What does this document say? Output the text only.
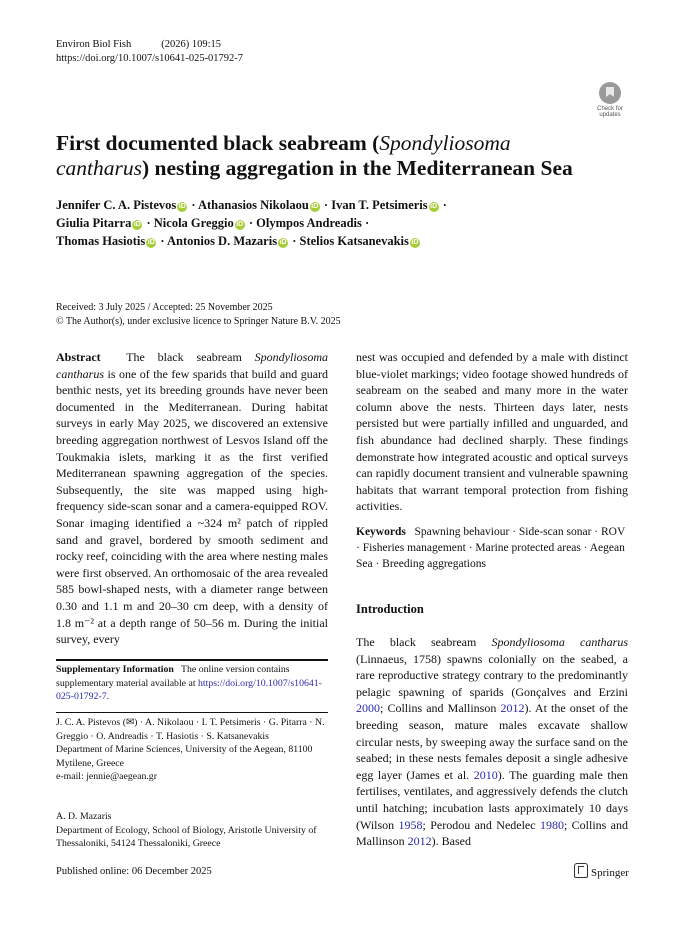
Environ Biol Fish	(2026) 109:15
https://doi.org/10.1007/s10641-025-01792-7
Check for
updates
First documented black seabream (Spondyliosoma
cantharus) nesting aggregation in the Mediterranean Sea
Jennifer C. A. Pistevos iD · Athanasios Nikolaou iD · Ivan T. Petsimeris iD ·
Giulia Pitarra iD · Nicola Greggio iD · Olympos Andreadis ·
Thomas Hasiotis iD · Antonios D. Mazaris iD · Stelios Katsanevakis iD
Received: 3 July 2025 / Accepted: 25 November 2025
© The Author(s), under exclusive licence to Springer Nature B.V. 2025
Abstract The black seabream Spondyliosoma cantharus is one of the few sparids that build and guard benthic nests, yet its breeding grounds have never been documented in the Mediterranean. During habitat surveys in early May 2025, we discovered an extensive breeding aggregation northwest of Lesvos Island off the Toukmakia islets, marking it as the first verified Mediterranean spawning aggregation of the species. Subsequently, the site was mapped using high-frequency side-scan sonar and a camera-equipped ROV. Sonar imaging identified a ~324 m² patch of rippled sand and gravel, bordered by smooth sediment and rocky reef, coinciding with the area where nesting males were first observed. An orthomosaic of the area revealed 585 bowl-shaped nests, with a diameter range between 0.30 and 1.1 m and 20–30 cm deep, with a density of 1.8 m⁻² at a depth range of 50–56 m. During the initial survey, every
nest was occupied and defended by a male with distinct blue-violet markings; video footage showed hundreds of seabream on the seabed and many more in the water column above the nests. Thirteen days later, nests persisted but were partially infilled and unguarded, and fish abundance had declined sharply. These findings demonstrate how integrated acoustic and optical surveys can rapidly document transient and vulnerable spawning habitats that warrant temporal protection from fishing activities.
Keywords Spawning behaviour · Side-scan sonar · ROV · Fisheries management · Marine protected areas · Aegean Sea · Breeding aggregations
Introduction
The black seabream Spondyliosoma cantharus (Linnaeus, 1758) spawns colonially on the seabed, a rare reproductive strategy contrary to the predominantly pelagic spawning of sparids (Gonçalves and Erzini 2000; Collins and Mallinson 2012). At the onset of the breeding season, mature males excavate shallow circular nests, by sweeping away the surface sand on the seabed; in these nests females deposit a single adhesive egg layer (James et al. 2010). The guarding male then fertilises, ventilates, and aggressively defends the clutch until hatching; incubation lasts approximately 10 days (Wilson 1958; Perodou and Nedelec 1980; Collins and Mallinson 2012). Based
Supplementary Information The online version contains supplementary material available at https://doi.org/10.1007/s10641-025-01792-7.
J. C. A. Pistevos (✉) · A. Nikolaou · I. T. Petsimeris · G. Pitarra · N. Greggio · O. Andreadis · T. Hasiotis · S. Katsanevakis
Department of Marine Sciences, University of the Aegean, 81100 Mytilene, Greece
e-mail: jennie@aegean.gr
A. D. Mazaris
Department of Ecology, School of Biology, Aristotle University of Thessaloniki, 54124 Thessaloniki, Greece
Published online: 06 December 2025	Springer
